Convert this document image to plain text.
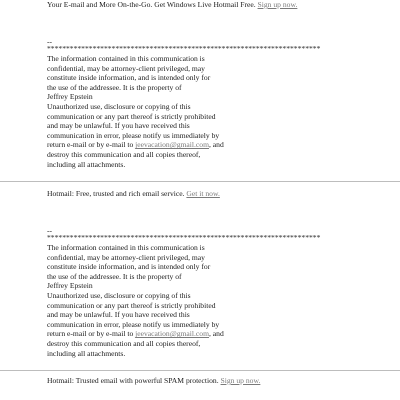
Your E-mail and More On-the-Go. Get Windows Live Hotmail Free. Sign up now.
--
************************************************************************
The information contained in this communication is
confidential, may be attorney-client privileged, may
constitute inside information, and is intended only for
the use of the addressee. It is the property of
Jeffrey Epstein
Unauthorized use, disclosure or copying of this
communication or any part thereof is strictly prohibited
and may be unlawful. If you have received this
communication in error, please notify us immediately by
return e-mail or by e-mail to jeevacation@gmail.com, and
destroy this communication and all copies thereof,
including all attachments.
Hotmail: Free, trusted and rich email service. Get it now.
--
************************************************************************
The information contained in this communication is
confidential, may be attorney-client privileged, may
constitute inside information, and is intended only for
the use of the addressee. It is the property of
Jeffrey Epstein
Unauthorized use, disclosure or copying of this
communication or any part thereof is strictly prohibited
and may be unlawful. If you have received this
communication in error, please notify us immediately by
return e-mail or by e-mail to jeevacation@gmail.com, and
destroy this communication and all copies thereof,
including all attachments.
Hotmail: Trusted email with powerful SPAM protection. Sign up now.
